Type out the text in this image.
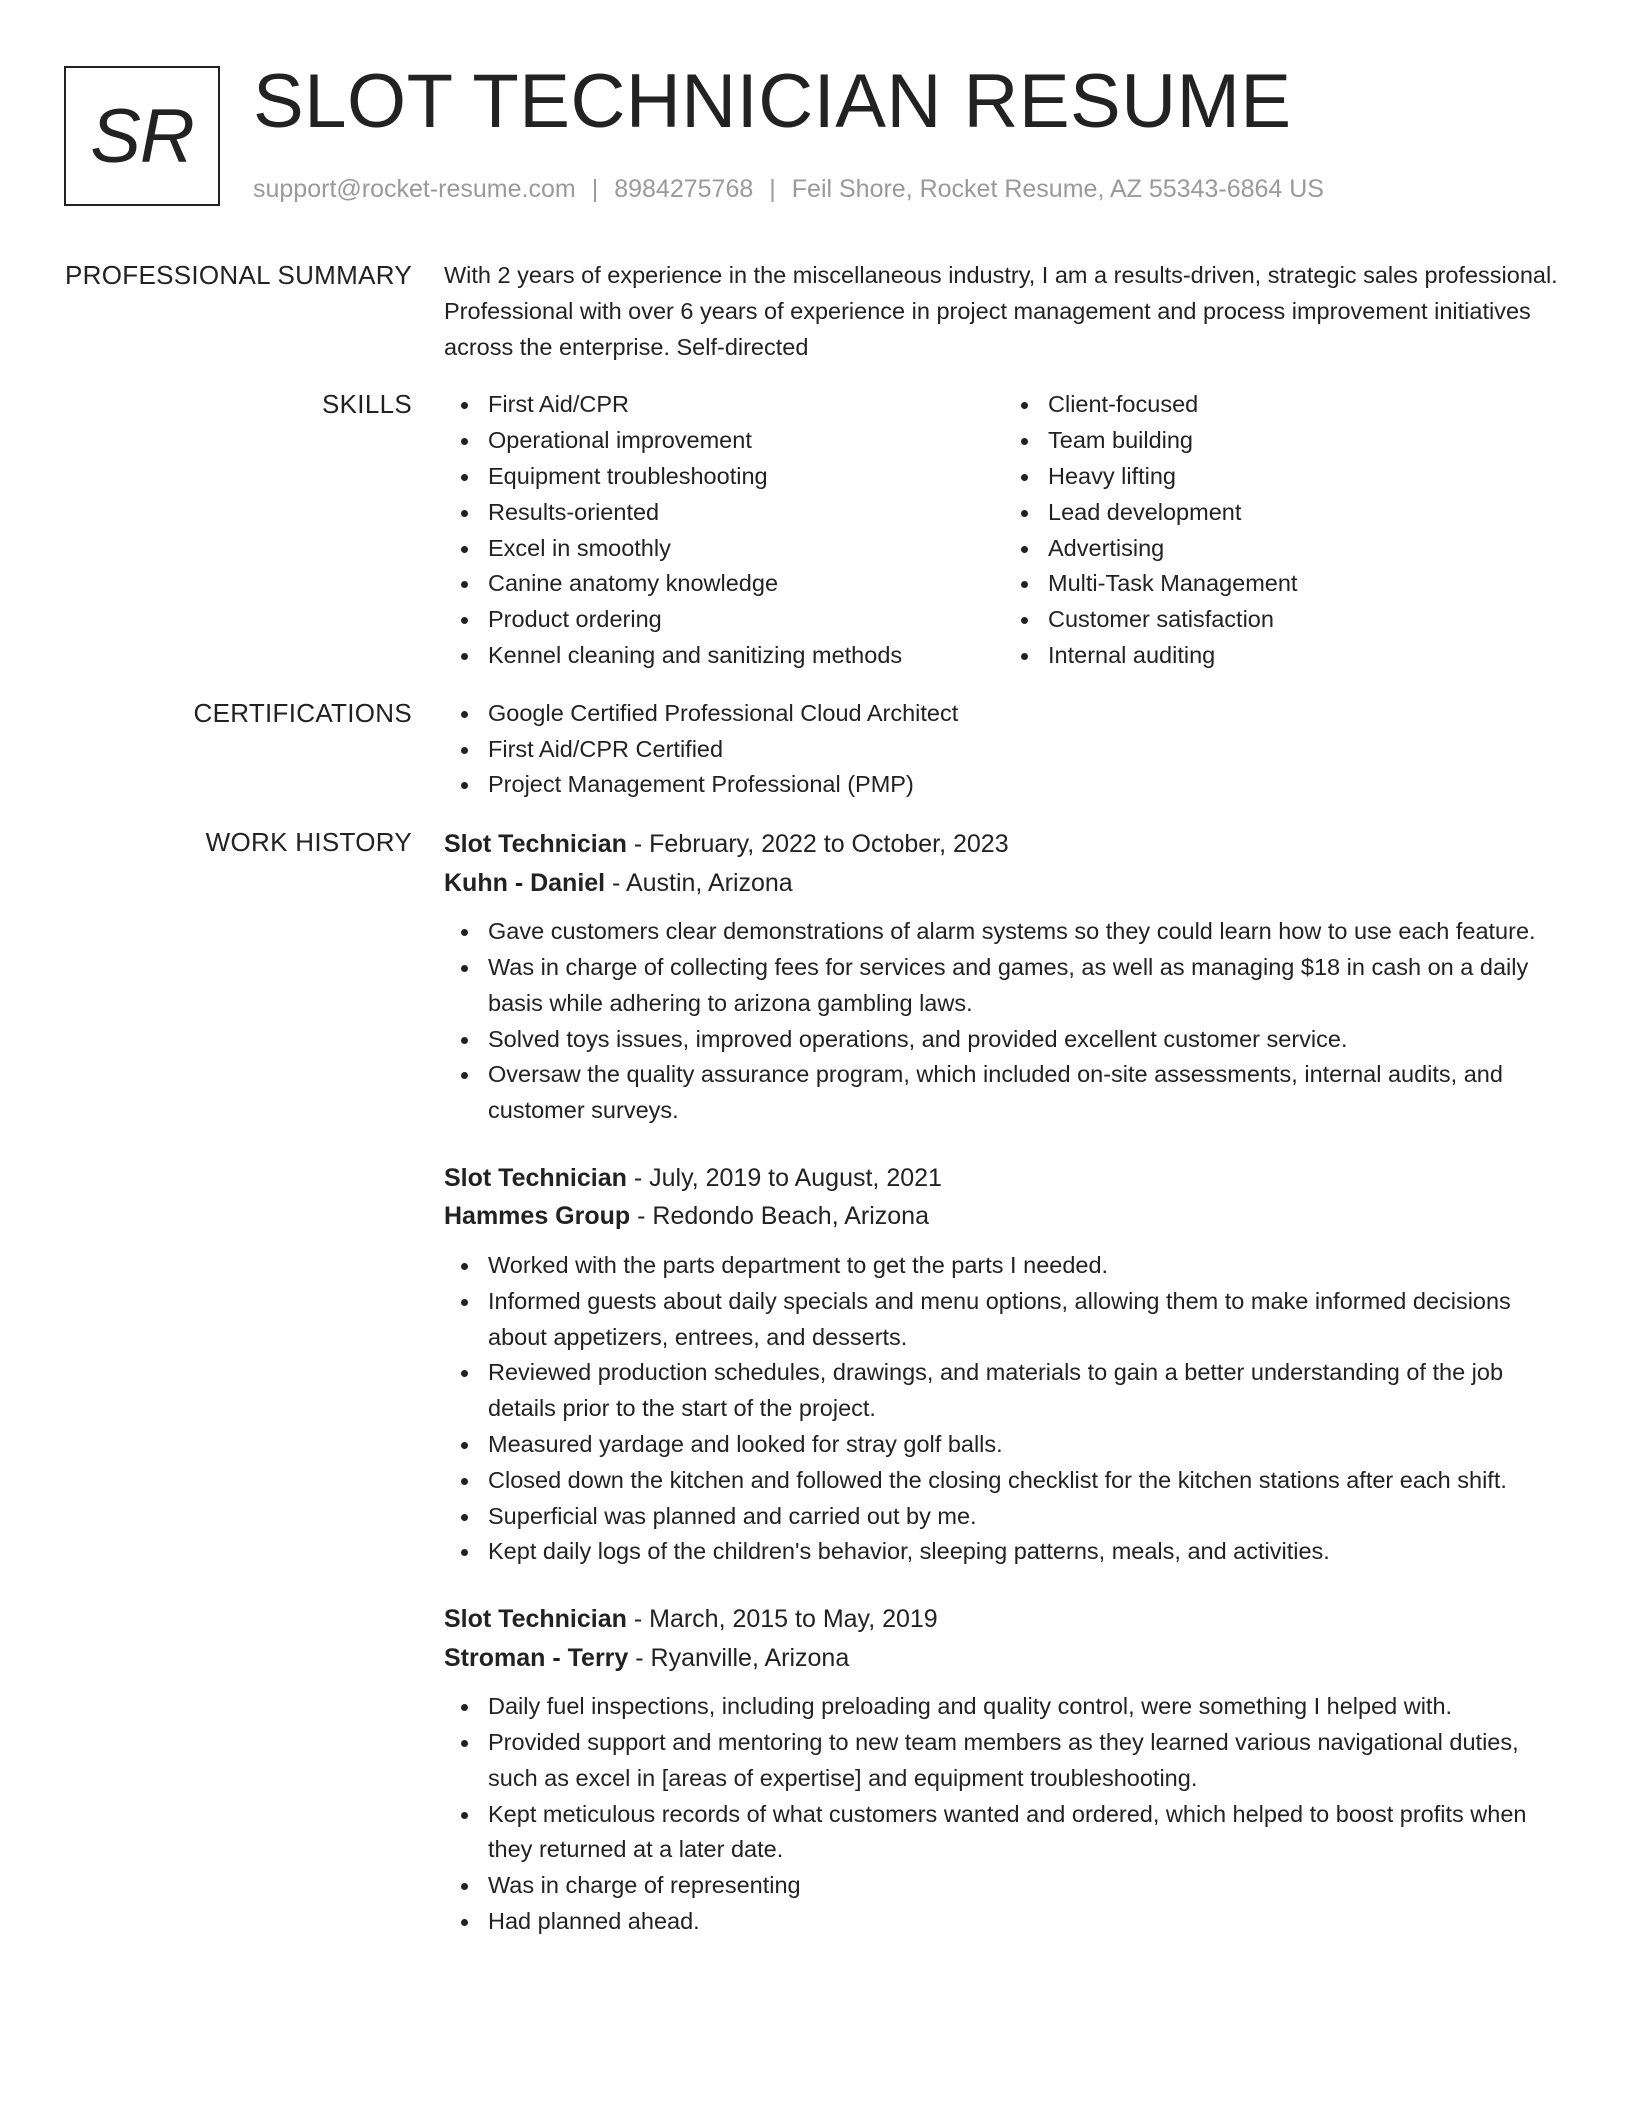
SR SLOT TECHNICIAN RESUME
support@rocket-resume.com | 8984275768 | Feil Shore, Rocket Resume, AZ 55343-6864 US
PROFESSIONAL SUMMARY With 2 years of experience in the miscellaneous industry, I am a results-driven, strategic sales professional. Professional with over 6 years of experience in project management and process improvement initiatives across the enterprise. Self-directed

SKILLS	First Aid/CPR
Operational improvement
Equipment troubleshooting
Results-oriented
Excel in smoothly
Canine anatomy knowledge
Product ordering
Kennel cleaning and sanitizing methods
Client-focused
Team building
Heavy lifting
Lead development
Advertising
Multi-Task Management
Customer satisfaction
Internal auditing
CERTIFICATIONS	Google Certified Professional Cloud Architect
First Aid/CPR Certified
Project Management Professional (PMP)
WORK HISTORY Slot Technician - February, 2022 to October, 2023
Kuhn - Daniel - Austin, Arizona
Gave customers clear demonstrations of alarm systems so they could learn how to use each feature.
Was in charge of collecting fees for services and games, as well as managing $18 in cash on a daily basis while adhering to arizona gambling laws.
Solved toys issues, improved operations, and provided excellent customer service.
Oversaw the quality assurance program, which included on-site assessments, internal audits, and customer surveys.
Slot Technician - July, 2019 to August, 2021
Hammes Group - Redondo Beach, Arizona
Worked with the parts department to get the parts I needed.
Informed guests about daily specials and menu options, allowing them to make informed decisions about appetizers, entrees, and desserts.
Reviewed production schedules, drawings, and materials to gain a better understanding of the job details prior to the start of the project.
Measured yardage and looked for stray golf balls.
Closed down the kitchen and followed the closing checklist for the kitchen stations after each shift.
Superficial was planned and carried out by me.
Kept daily logs of the children's behavior, sleeping patterns, meals, and activities.
Slot Technician - March, 2015 to May, 2019
Stroman - Terry - Ryanville, Arizona
Daily fuel inspections, including preloading and quality control, were something I helped with.
Provided support and mentoring to new team members as they learned various navigational duties, such as excel in [areas of expertise] and equipment troubleshooting.
Kept meticulous records of what customers wanted and ordered, which helped to boost profits when they returned at a later date.
Was in charge of representing
Had planned ahead.
